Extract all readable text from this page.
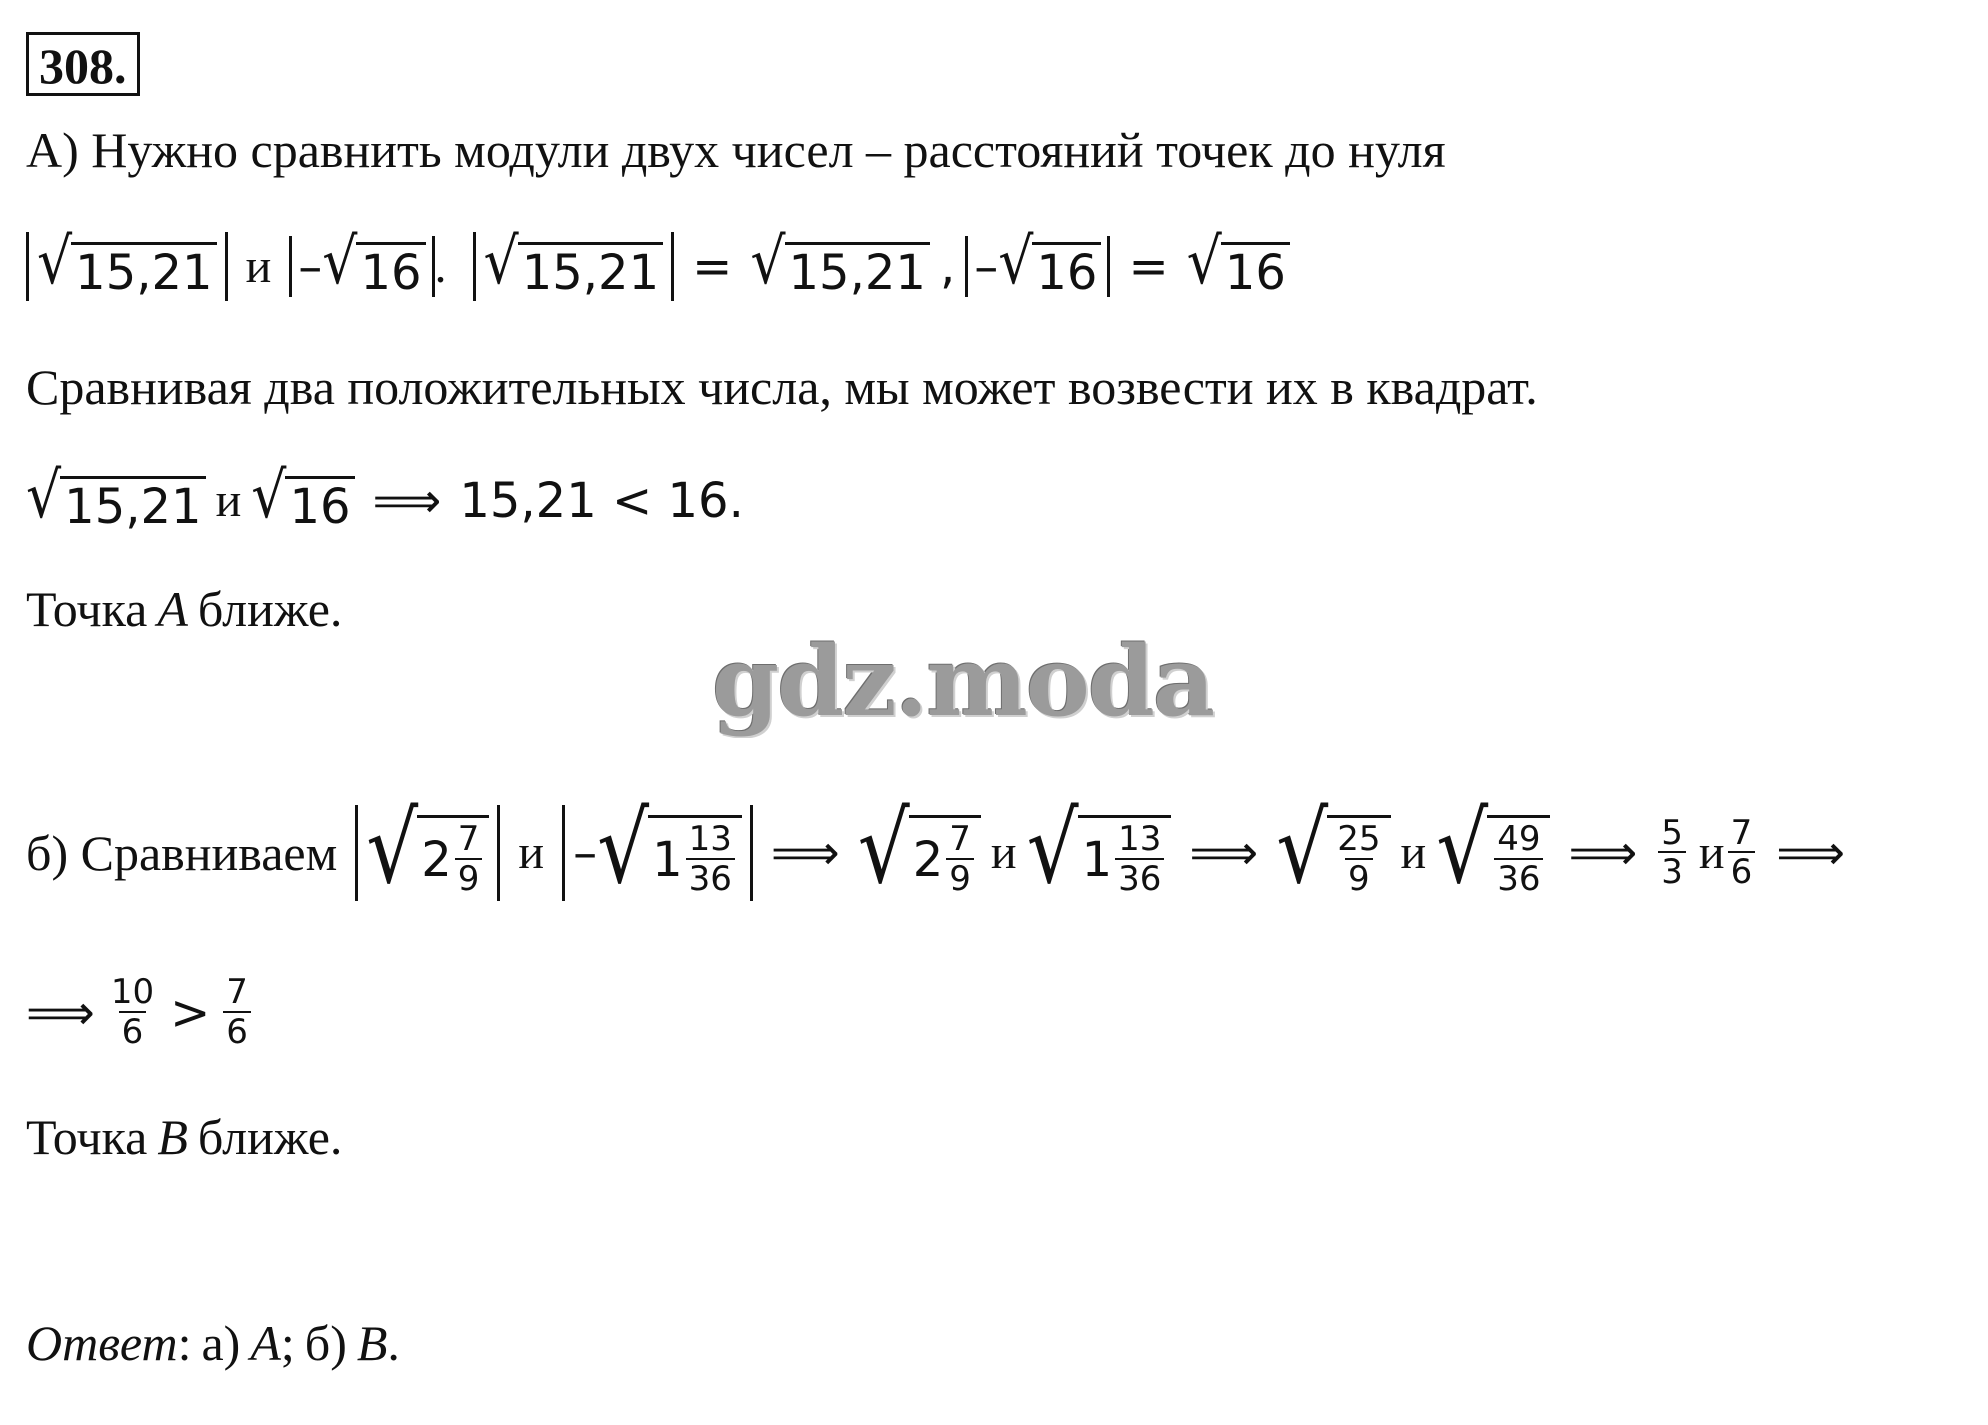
308.
А) Нужно сравнить модули двух чисел – расстояний точек до нуля
√ 15,21 и – √ 16 . √ 15,21 = √ 15,21 , – √ 16 = √ 16
Сравнивая два положительных числа, мы может возвести их в квадрат.
√ 15,21 и √ 16 ⟹ 15,21 < 16.
Точка A ближе.
gdz.moda
б) Сравниваем √ $2 \frac{7}{9}$ и – √ $1 \frac{13}{36}$ ⟹ √ $2 \frac{7}{9}$ и √ $1 \frac{13}{36}$ ⟹ √ $\frac{25}{9}$ и √ $\frac{49}{36}$ ⟹ $\frac{5}{3}$ и $\frac{7}{6}$ ⟹
⟹ $\frac{10}{6} > \frac{7}{6}$
Точка B ближе.
Ответ : а) A ; б) B .
